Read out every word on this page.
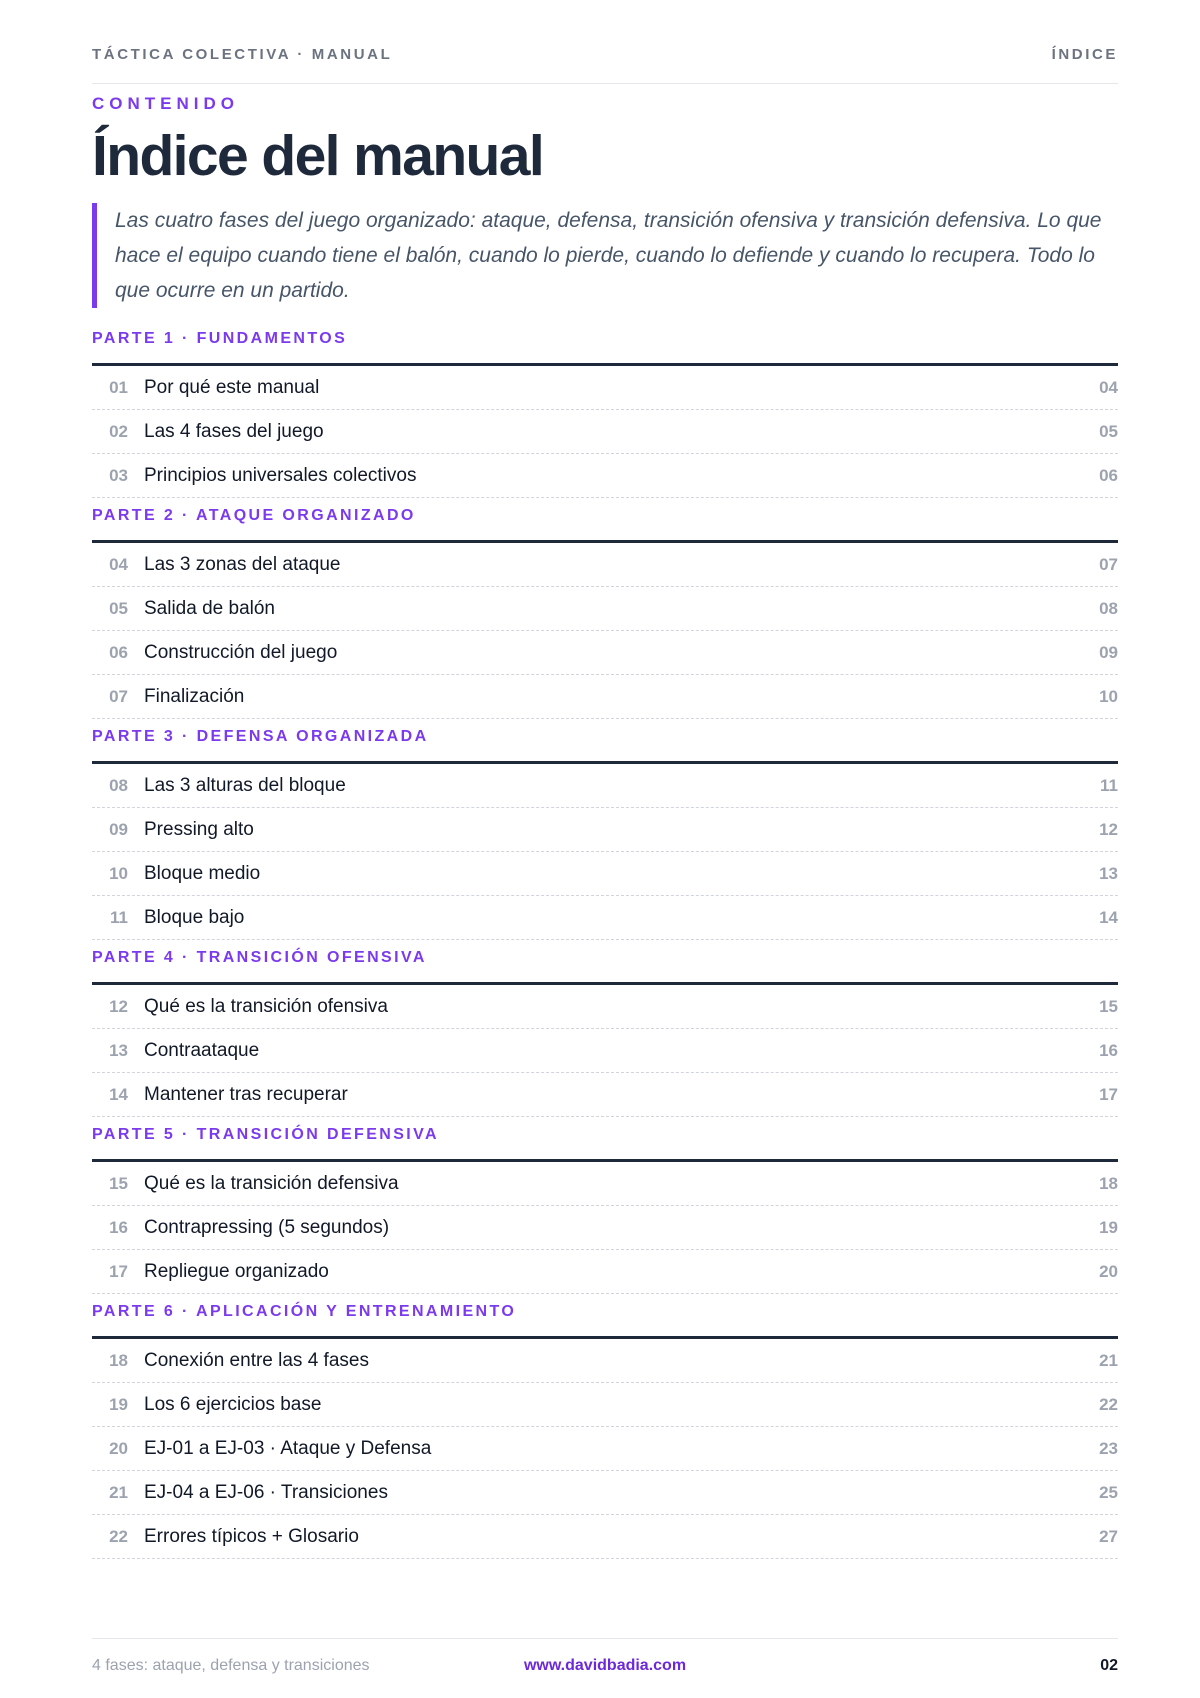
TÁCTICA COLECTIVA · MANUAL	ÍNDICE
CONTENIDO
Índice del manual
Las cuatro fases del juego organizado: ataque, defensa, transición ofensiva y transición defensiva. Lo que hace el equipo cuando tiene el balón, cuando lo pierde, cuando lo defiende y cuando lo recupera. Todo lo que ocurre en un partido.
PARTE 1 · FUNDAMENTOS
01 Por qué este manual	04
02 Las 4 fases del juego	05
03 Principios universales colectivos	06
PARTE 2 · ATAQUE ORGANIZADO
04 Las 3 zonas del ataque	07
05 Salida de balón	08
06 Construcción del juego	09
07 Finalización	10
PARTE 3 · DEFENSA ORGANIZADA
08 Las 3 alturas del bloque	11
09 Pressing alto	12
10 Bloque medio	13
11 Bloque bajo	14
PARTE 4 · TRANSICIÓN OFENSIVA
12 Qué es la transición ofensiva	15
13 Contraataque	16
14 Mantener tras recuperar	17
PARTE 5 · TRANSICIÓN DEFENSIVA
15 Qué es la transición defensiva	18
16 Contrapressing (5 segundos)	19
17 Repliegue organizado	20
PARTE 6 · APLICACIÓN Y ENTRENAMIENTO
18 Conexión entre las 4 fases	21
19 Los 6 ejercicios base	22
20 EJ-01 a EJ-03 · Ataque y Defensa	23
21 EJ-04 a EJ-06 · Transiciones	25
22 Errores típicos + Glosario	27
4 fases: ataque, defensa y transiciones	www.davidbadia.com	02
